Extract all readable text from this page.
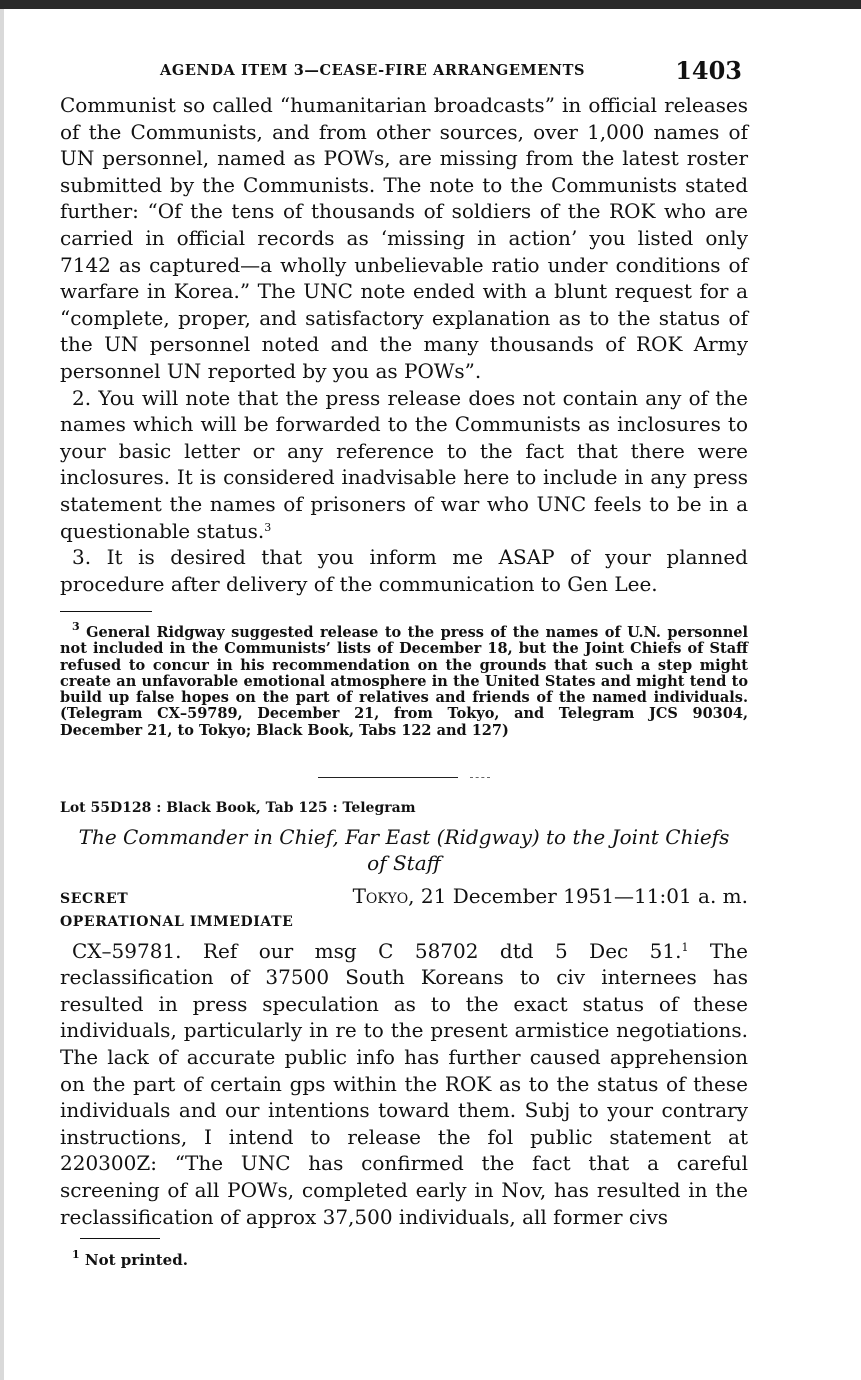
AGENDA ITEM 3—CEASE-FIRE ARRANGEMENTS	1403

Communist so called “humanitarian broadcasts” in official releases of the Communists, and from other sources, over 1,000 names of UN personnel, named as POWs, are missing from the latest roster submitted by the Communists. The note to the Communists stated further: “Of the tens of thousands of soldiers of the ROK who are carried in official records as ‘missing in action’ you listed only 7142 as captured—a wholly unbelievable ratio under conditions of warfare in Korea.” The UNC note ended with a blunt request for a “complete, proper, and satisfactory explanation as to the status of the UN personnel noted and the many thousands of ROK Army personnel UN reported by you as POWs”.

2. You will note that the press release does not contain any of the names which will be forwarded to the Communists as inclosures to your basic letter or any reference to the fact that there were inclosures. It is considered inadvisable here to include in any press statement the names of prisoners of war who UNC feels to be in a questionable status.$^3$

3. It is desired that you inform me ASAP of your planned procedure after delivery of the communication to Gen Lee.

$^3$ General Ridgway suggested release to the press of the names of U.N. personnel not included in the Communists’ lists of December 18, but the Joint Chiefs of Staff refused to concur in his recommendation on the grounds that such a step might create an unfavorable emotional atmosphere in the United States and might tend to build up false hopes on the part of relatives and friends of the named individuals. (Telegram CX–59789, December 21, from Tokyo, and Telegram JCS 90304, December 21, to Tokyo; Black Book, Tabs 122 and 127)

Lot 55D128 : Black Book, Tab 125 : Telegram
The Commander in Chief, Far East (Ridgway) to the Joint Chiefs
of Staff
SECRET	Tokyo, 21 December 1951—11:01 a. m.
OPERATIONAL IMMEDIATE

CX–59781. Ref our msg C 58702 dtd 5 Dec 51.$^1$ The reclassification of 37500 South Koreans to civ internees has resulted in press speculation as to the exact status of these individuals, particularly in re to the present armistice negotiations. The lack of accurate public info has further caused apprehension on the part of certain gps within the ROK as to the status of these individuals and our intentions toward them. Subj to your contrary instructions, I intend to release the fol public statement at 220300Z: “The UNC has confirmed the fact that a careful screening of all POWs, completed early in Nov, has resulted in the reclassification of approx 37,500 individuals, all former civs

$^1$ Not printed.
